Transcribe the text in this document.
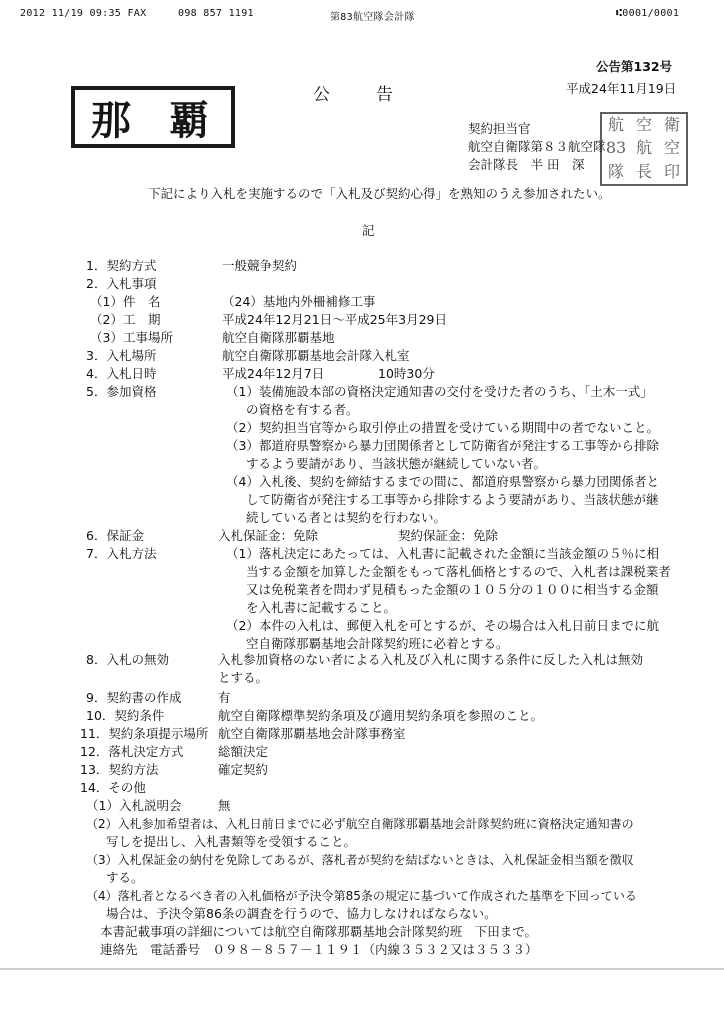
2012 11/19 09:35 FAX	098 857 1191	第83航空隊会計隊	⑆0001/0001
那 覇
公　　告
公告第132号
平成24年11月19日
契約担当官
航空自衛隊第８３航空隊
会計隊長　半 田　深
航 空 衛
83 航 空
隊 長 印
下記により入札を実施するので「入札及び契約心得」を熟知のうえ参加されたい。
記
1．契約方式	一般競争契約
2．入札事項
（1）件　名	（24）基地内外柵補修工事
（2）工　期	平成24年12月21日～平成25年3月29日
（3）工事場所	航空自衛隊那覇基地
3．入札場所	航空自衛隊那覇基地会計隊入札室
4．入札日時	平成24年12月7日	10時30分
5．参加資格	（1）装備施設本部の資格決定通知書の交付を受けた者のうち、「土木一式」
の資格を有する者。
（2）契約担当官等から取引停止の措置を受けている期間中の者でないこと。
（3）都道府県警察から暴力団関係者として防衛省が発注する工事等から排除
するよう要請があり、当該状態が継続していない者。
（4）入札後、契約を締結するまでの間に、都道府県警察から暴力団関係者と
して防衛省が発注する工事等から排除するよう要請があり、当該状態が継
続している者とは契約を行わない。
6．保証金	入札保証金：免除	契約保証金：免除
7．入札方法	（1）落札決定にあたっては、入札書に記載された金額に当該金額の５％に相
当する金額を加算した金額をもって落札価格とするので、入札者は課税業者
又は免税業者を問わず見積もった金額の１０５分の１００に相当する金額
を入札書に記載すること。
（2）本件の入札は、郵便入札を可とするが、その場合は入札日前日までに航
空自衛隊那覇基地会計隊契約班に必着とする。
8．入札の無効	入札参加資格のない者による入札及び入札に関する条件に反した入札は無効
とする。
9．契約書の作成	有
10．契約条件	航空自衛隊標準契約条項及び適用契約条項を参照のこと。
11．契約条項提示場所 航空自衛隊那覇基地会計隊事務室
12．落札決定方式	総額決定
13．契約方法	確定契約
14．その他
（1）入札説明会	無
（2）入札参加希望者は、入札日前日までに必ず航空自衛隊那覇基地会計隊契約班に資格決定通知書の
写しを提出し、入札書類等を受領すること。
（3）入札保証金の納付を免除してあるが、落札者が契約を結ばないときは、入札保証金相当額を徴収
する。
（4）落札者となるべき者の入札価格が予決令第85条の規定に基づいて作成された基準を下回っている
場合は、予決令第86条の調査を行うので、協力しなければならない。
本書記載事項の詳細については航空自衛隊那覇基地会計隊契約班　下田まで。
連絡先　電話番号　０９８－８５７－１１９１（内線３５３２又は３５３３）
